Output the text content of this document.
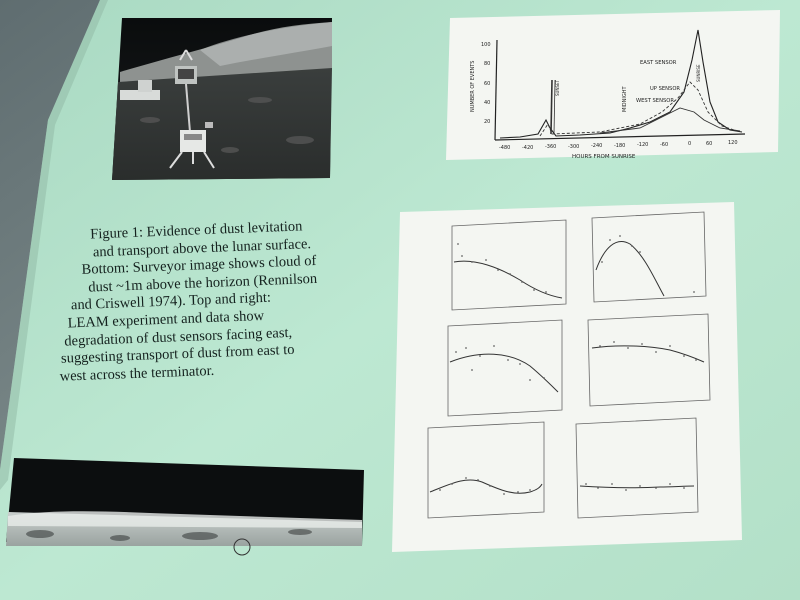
20
40
60
80
100
NUMBER OF EVENTS
-480 -420 -360 -300 -240 -180 -120 -60	0	60	120
HOURS FROM SUNRISE
SUNSET	MIDNIGHT
SUNRISE
EAST SENSOR
UP SENSOR
WEST SENSOR
Figure 1: Evidence of dust levitation
and transport above the lunar surface.
Bottom: Surveyor image shows cloud of
dust ~1m above the horizon (Rennilson
and Criswell 1974). Top and right:
LEAM experiment and data show
degradation of dust sensors facing east,
suggesting transport of dust from east to
west across the terminator.
